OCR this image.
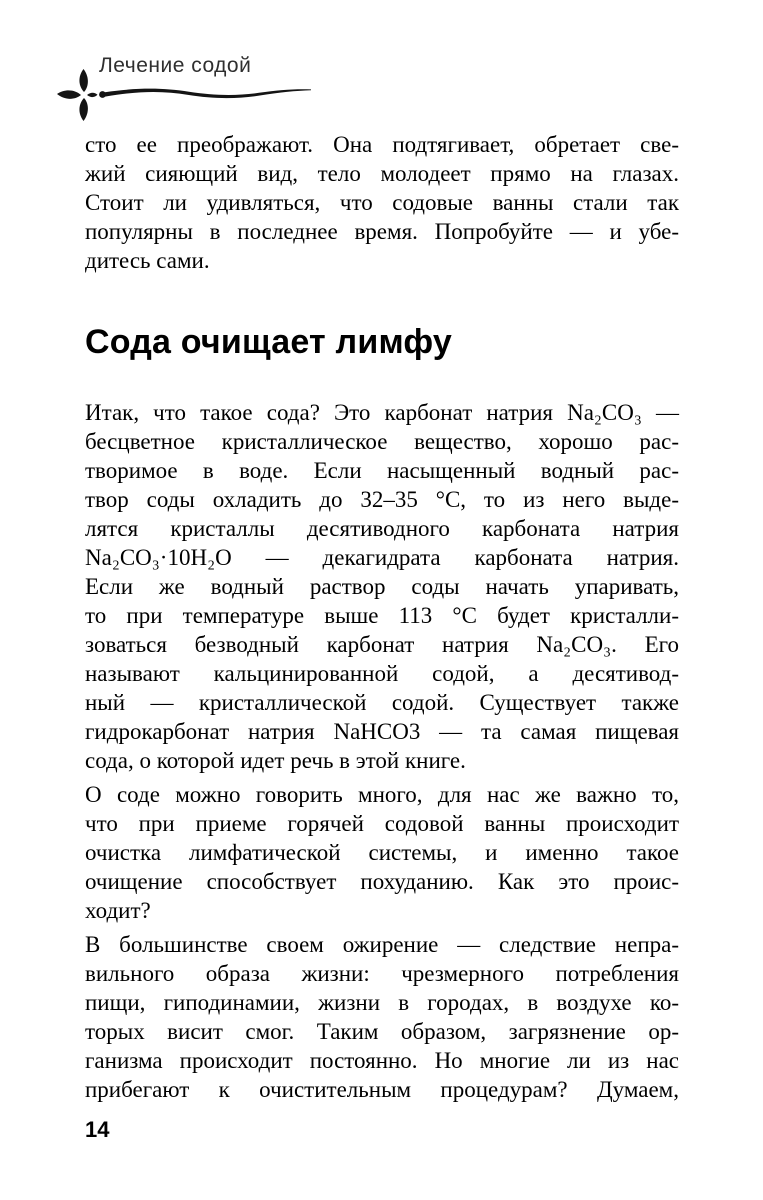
Лечение содой
Сода очищает лимфу

сто ее преображают. Она подтягивает, обретает све-
жий сияющий вид, тело молодеет прямо на глазах.
Стоит ли удивляться, что содовые ванны стали так
популярны в последнее время. Попробуйте — и убе-
дитесь сами.

Итак, что такое сода? Это карбонат натрия Na₂CO₃ —
бесцветное кристаллическое вещество, хорошо рас-
творимое в воде. Если насыщенный водный рас-
твор соды охладить до 32–35 °C, то из него выде-
лятся кристаллы десятиводного карбоната натрия
Na₂CO₃·10H₂O — декагидрата карбоната натрия.
Если же водный раствор соды начать упаривать,
то при температуре выше 113 °C будет кристалли-
зоваться безводный карбонат натрия Na₂CO₃. Его
называют кальцинированной содой, а десятивод-
ный — кристаллической содой. Существует также
гидрокарбонат натрия NaHCO3 — та самая пищевая
сода, о которой идет речь в этой книге.

О соде можно говорить много, для нас же важно то,
что при приеме горячей содовой ванны происходит
очистка лимфатической системы, и именно такое
очищение способствует похуданию. Как это проис-
ходит?

В большинстве своем ожирение — следствие непра-
вильного образа жизни: чрезмерного потребления
пищи, гиподинамии, жизни в городах, в воздухе ко-
торых висит смог. Таким образом, загрязнение ор-
ганизма происходит постоянно. Но многие ли из нас
прибегают к очистительным процедурам? Думаем,

14
